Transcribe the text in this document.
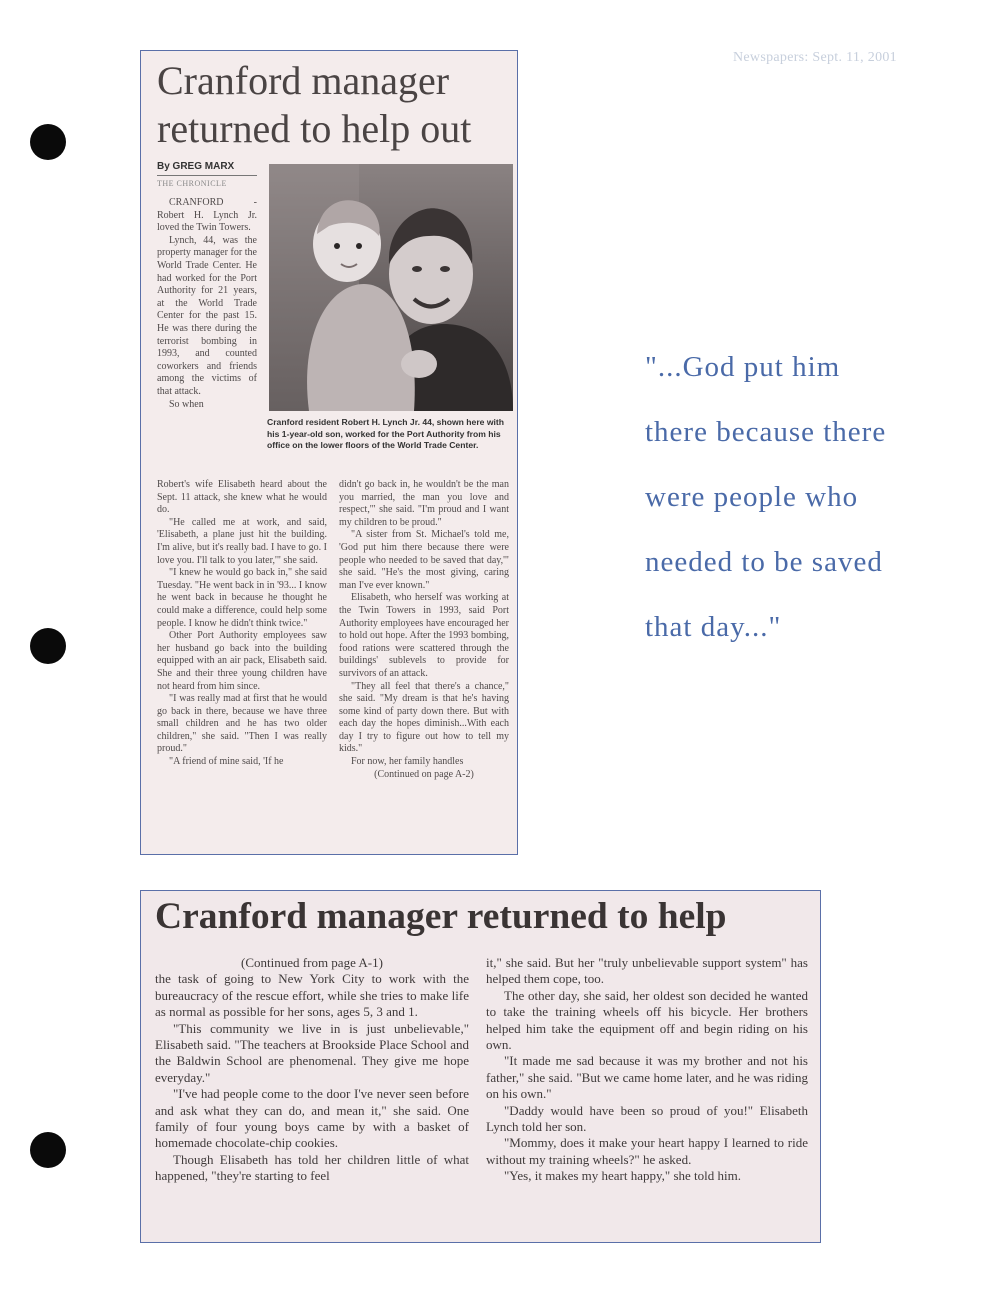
Newspapers: Sept. 11, 2001
Cranford manager
returned to help out
By GREG MARX
THE CHRONICLE
Cranford resident Robert H. Lynch Jr. 44, shown here with his 1-year-old son, worked for the Port Authority from his office on the lower floors of the World Trade Center.

CRANFORD - Robert H. Lynch Jr. loved the Twin Towers.

Lynch, 44, was the property manager for the World Trade Center. He had worked for the Port Authority for 21 years, at the World Trade Center for the past 15. He was there during the terrorist bombing in 1993, and counted coworkers and friends among the victims of that attack.

So when

Robert's wife Elisabeth heard about the Sept. 11 attack, she knew what he would do.

"He called me at work, and said, 'Elisabeth, a plane just hit the building. I'm alive, but it's really bad. I have to go. I love you. I'll talk to you later,'" she said.

"I knew he would go back in," she said Tuesday. "He went back in in '93... I know he went back in because he thought he could make a difference, could help some people. I know he didn't think twice."

Other Port Authority employees saw her husband go back into the building equipped with an air pack, Elisabeth said. She and their three young children have not heard from him since.

"I was really mad at first that he would go back in there, because we have three small children and he has two older children," she said. "Then I was really proud."

"A friend of mine said, 'If he

didn't go back in, he wouldn't be the man you married, the man you love and respect,'" she said. "I'm proud and I want my children to be proud."

"A sister from St. Michael's told me, 'God put him there because there were people who needed to be saved that day,'" she said. "He's the most giving, caring man I've ever known."

Elisabeth, who herself was working at the Twin Towers in 1993, said Port Authority employees have encouraged her to hold out hope. After the 1993 bombing, food rations were scattered through the buildings' sublevels to provide for survivors of an attack.

"They all feel that there's a chance," she said. "My dream is that he's having some kind of party down there. But with each day the hopes diminish...With each day I try to figure out how to tell my kids."

For now, her family handles

(Continued on page A-2)

"...God put him
there because there
were people who
needed to be saved
that day..."
Cranford manager returned to help

(Continued from page A-1)

the task of going to New York City to work with the bureaucracy of the rescue effort, while she tries to make life as normal as possible for her sons, ages 5, 3 and 1.

"This community we live in is just unbelievable," Elisabeth said. "The teachers at Brookside Place School and the Baldwin School are phenomenal. They give me hope everyday."

"I've had people come to the door I've never seen before and ask what they can do, and mean it," she said. One family of four young boys came by with a basket of homemade chocolate-chip cookies.

Though Elisabeth has told her children little of what happened, "they're starting to feel

it," she said. But her "truly unbelievable support system" has helped them cope, too.

The other day, she said, her oldest son decided he wanted to take the training wheels off his bicycle. Her brothers helped him take the equipment off and begin riding on his own.

"It made me sad because it was my brother and not his father," she said. "But we came home later, and he was riding on his own."

"Daddy would have been so proud of you!" Elisabeth Lynch told her son.

"Mommy, does it make your heart happy I learned to ride without my training wheels?" he asked.

"Yes, it makes my heart happy," she told him.
